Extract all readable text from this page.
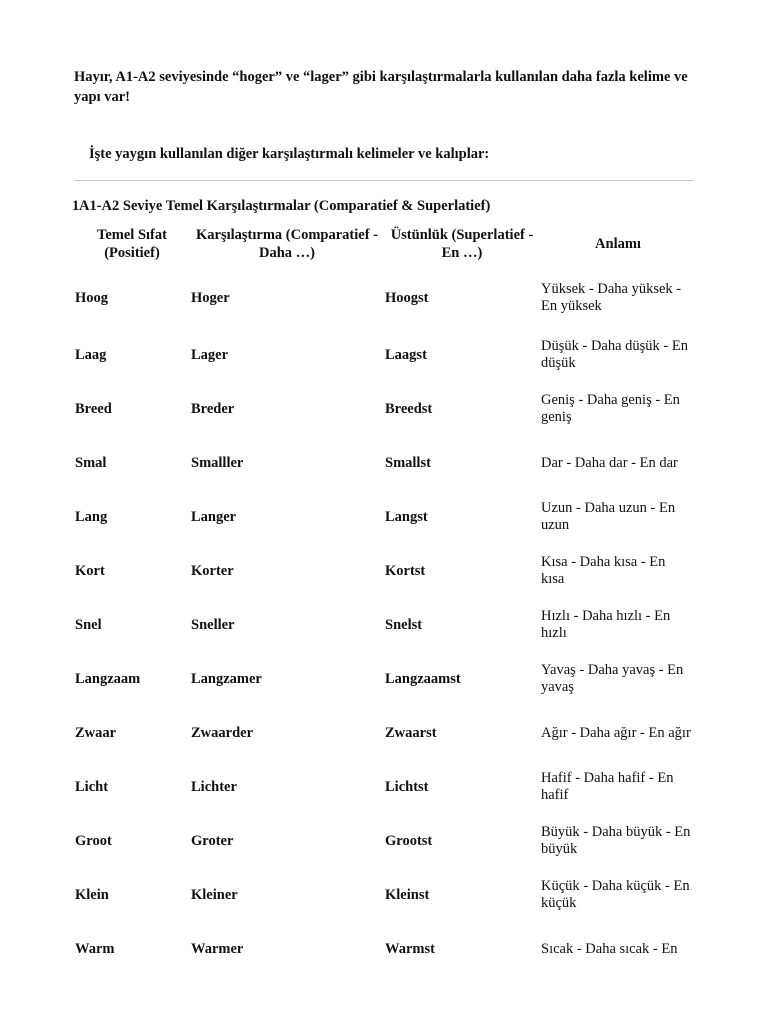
Hayır, A1-A2 seviyesinde “hoger” ve “lager” gibi karşılaştırmalarla kullanılan daha fazla kelime ve yapı var!
İşte yaygın kullanılan diğer karşılaştırmalı kelimeler ve kalıplar:
1A1-A2 Seviye Temel Karşılaştırmalar (Comparatief & Superlatief)
Temel Sıfat (Positief)	Karşılaştırma (Comparatief - Daha …)	Üstünlük (Superlatief - En …)	Anlamı
Hoog	Hoger	Hoogst	Yüksek - Daha yüksek - En yüksek
Laag	Lager	Laagst	Düşük - Daha düşük - En düşük
Breed	Breder	Breedst	Geniş - Daha geniş - En geniş
Smal	Smalller	Smallst	Dar - Daha dar - En dar
Lang	Langer	Langst	Uzun - Daha uzun - En uzun
Kort	Korter	Kortst	Kısa - Daha kısa - En kısa
Snel	Sneller	Snelst	Hızlı - Daha hızlı - En hızlı
Langzaam	Langzamer	Langzaamst	Yavaş - Daha yavaş - En yavaş
Zwaar	Zwaarder	Zwaarst	Ağır - Daha ağır - En ağır
Licht	Lichter	Lichtst	Hafif - Daha hafif - En hafif
Groot	Groter	Grootst	Büyük - Daha büyük - En büyük
Klein	Kleiner	Kleinst	Küçük - Daha küçük - En küçük
Warm	Warmer	Warmst	Sıcak - Daha sıcak - En
